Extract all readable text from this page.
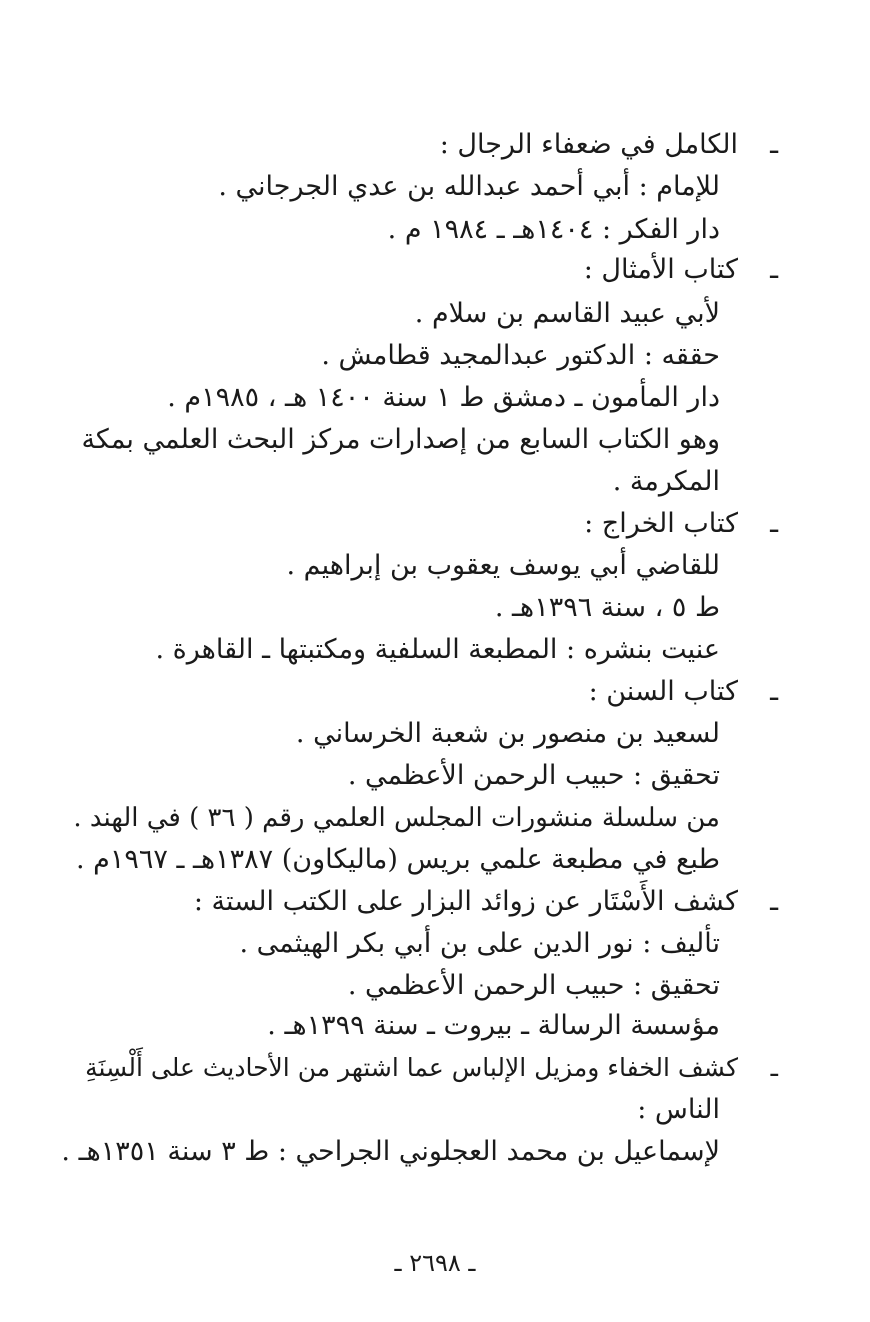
ـالكامل في ضعفاء الرجال :
للإمام : أبي أحمد عبدالله بن عدي الجرجاني .
دار الفكر : ١٤٠٤هـ ـ ١٩٨٤ م .
ـكتاب الأمثال :
لأبي عبيد القاسم بن سلام .
حققه : الدكتور عبدالمجيد قطامش .
دار المأمون ـ دمشق ط ١ سنة ١٤٠٠ هـ ، ١٩٨٥م .
وهو الكتاب السابع من إصدارات مركز البحث العلمي بمكة
المكرمة .
ـكتاب الخراج :
للقاضي أبي يوسف يعقوب بن إبراهيم .
ط ٥ ، سنة ١٣٩٦هـ .
عنيت بنشره : المطبعة السلفية ومكتبتها ـ القاهرة .
ـكتاب السنن :
لسعيد بن منصور بن شعبة الخرساني .
تحقيق : حبيب الرحمن الأعظمي .
من سلسلة منشورات المجلس العلمي رقم ( ٣٦ ) في الهند .
طبع في مطبعة علمي بريس (ماليكاون) ١٣٨٧هـ ـ ١٩٦٧م .
ـكشف الأَسْتَار عن زوائد البزار على الكتب الستة :
تأليف : نور الدين على بن أبي بكر الهيثمى .
تحقيق : حبيب الرحمن الأعظمي .
مؤسسة الرسالة ـ بيروت ـ سنة ١٣٩٩هـ .
ـكشف الخفاء ومزيل الإلباس عما اشتهر من الأحاديث على أَلْسِنَةِ
الناس :
لإسماعيل بن محمد العجلوني الجراحي : ط ٣ سنة ١٣٥١هـ .
ـ ٢٦٩٨ ـ
